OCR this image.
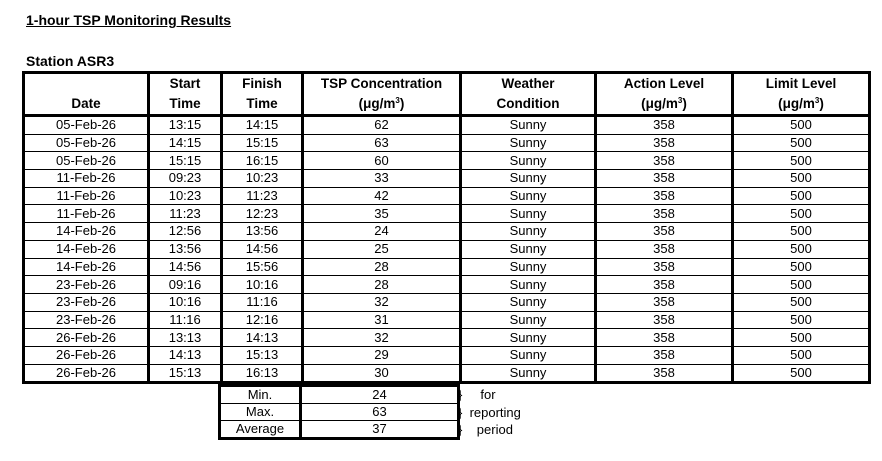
1-hour TSP Monitoring Results
Station ASR3
	Start	Finish	TSP Concentration	Weather	Action Level	Limit Level
Date	Time	Time	$(\mu g/m^3)$	Condition	$(\mu g/m^3)$	$(\mu g/m^3)$
05-Feb-26	13:15	14:15	62	Sunny	358	500
05-Feb-26	14:15	15:15	63	Sunny	358	500
05-Feb-26	15:15	16:15	60	Sunny	358	500
11-Feb-26	09:23	10:23	33	Sunny	358	500
11-Feb-26	10:23	11:23	42	Sunny	358	500
11-Feb-26	11:23	12:23	35	Sunny	358	500
14-Feb-26	12:56	13:56	24	Sunny	358	500
14-Feb-26	13:56	14:56	25	Sunny	358	500
14-Feb-26	14:56	15:56	28	Sunny	358	500
23-Feb-26	09:16	10:16	28	Sunny	358	500
23-Feb-26	10:16	11:16	32	Sunny	358	500
23-Feb-26	11:16	12:16	31	Sunny	358	500
26-Feb-26	13:13	14:13	32	Sunny	358	500
26-Feb-26	14:13	15:13	29	Sunny	358	500
26-Feb-26	15:13	16:13	30	Sunny	358	500
Min.	24
Max.	63
Average	37
}     for
}  reporting
}    period
